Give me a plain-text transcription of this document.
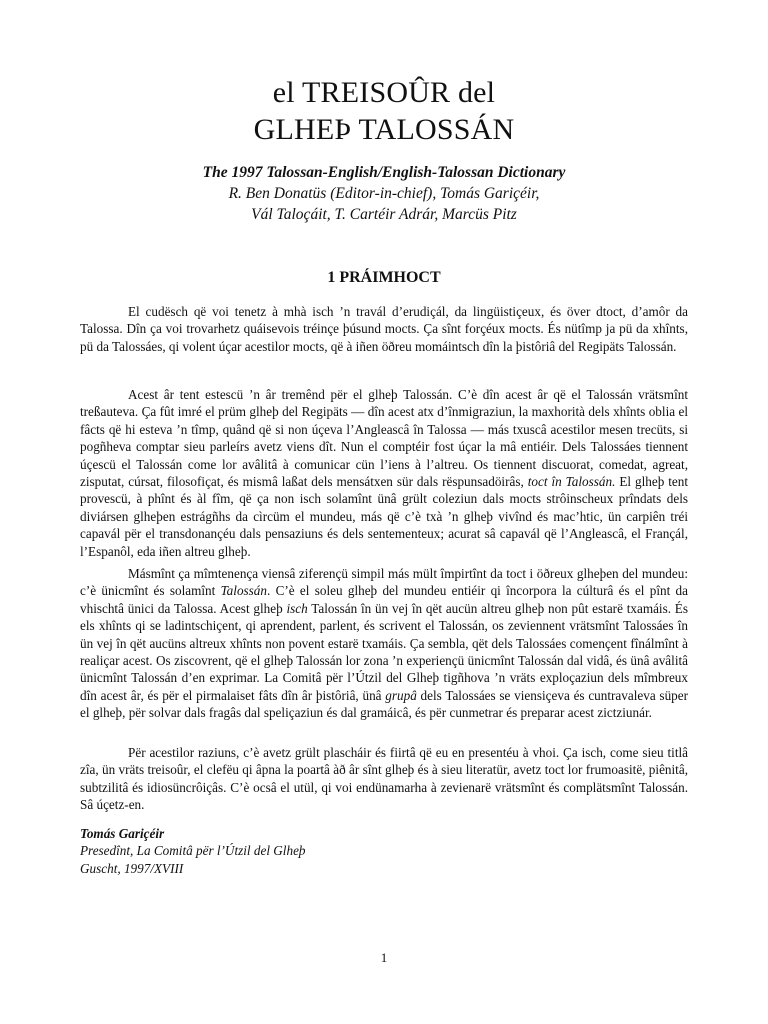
el TREISOÛR del
GLHEÞ TALOSSÁN
The 1997 Talossan-English/English-Talossan Dictionary
R. Ben Donatüs (Editor-in-chief), Tomás Gariçéir,
Vál Taloçáit, T. Cartéir Adrár, Marcüs Pitz
1 PRÁIMHOCT

El cudësch që voi tenetz à mhà isch ’n travál d’erudiçál, da lingüistiçeux, és över dtoct, d’amôr da Talossa. Dîn ça voi trovarhetz quáisevois tréinçe þúsund mocts. Ça sînt forçéux mocts. És nütîmp ja pü da xhînts, pü da Talossáes, qi volent úçar acestilor mocts, që à iñen öðreu momáintsch dîn la þistôriâ del Regipäts Talossán.

Acest âr tent estescü ’n âr tremênd për el glheþ Talossán. C’è dîn acest âr që el Talossán vrätsmînt treßauteva. Ça fût imré el prüm glheþ del Regipäts — dîn acest atx d’înmigraziun, la maxhorità dels xhînts oblia el fâcts që hi esteva ’n tîmp, quând që si non úçeva l’Angleascâ în Talossa — más txuscâ acestilor mesen trecüts, si pogñheva comptar sieu parleírs avetz viens dît. Nun el comptéir fost úçar la mâ entiéir. Dels Talossáes tiennent úçescü el Talossán come lor avâlitâ à comunicar cün l’iens à l’altreu. Os tiennent discuorat, comedat, agreat, zisputat, cúrsat, filosofiçat, és mismâ laßat dels mensátxen sür dals rëspunsadöirâs, toct în Talossán. El glheþ tent provescü, à phînt és àl fîm, që ça non isch solamînt ünâ grült coleziun dals mocts strôinscheux prîndats dels diviársen glheþen estrágñhs da cìrcüm el mundeu, más që c’è txà ’n glheþ vivînd és mac’htic, ün carpiên tréi capavál për el transdonançéu dals pensaziuns és dels sentementeux; acurat sâ capavál që l’Angleascâ, el Françál, l’Espanôl, eda iñen altreu glheþ.

Másmînt ça mîmtenença viensâ ziferençü simpil más mült împirtînt da toct i öðreux glheþen del mundeu: c’è ünicmînt és solamînt Talossán. C’è el soleu glheþ del mundeu entiéir qi încorpora la cúlturâ és el pînt da vhischtâ ünici da Talossa. Acest glheþ isch Talossán în ün vej în qët aucün altreu glheþ non pût estarë txamáis. És els xhînts qi se ladintschiçent, qi aprendent, parlent, és scrivent el Talossán, os zeviennent vrätsmînt Talossáes în ün vej în qët aucüns altreux xhînts non povent estarë txamáis. Ça sembla, qët dels Talossáes començent fînálmînt à realiçar acest. Os ziscovrent, që el glheþ Talossán lor zona ’n experiençü ünicmînt Talossán dal vidâ, és ünâ avâlitâ ünicmînt Talossán d’en exprimar. La Comitâ për l’Útzil del Glheþ tigñhova ’n vräts exploçaziun dels mîmbreux dîn acest âr, és për el pirmalaiset fâts dîn âr þistôriâ, ünâ grupâ dels Talossáes se viensiçeva és cuntravaleva süper el glheþ, për solvar dals fragâs dal speliçaziun és dal gramáicâ, és për cunmetrar és preparar acest zictziunár.

Për acestilor raziuns, c’è avetz grült plascháir és fiirtâ që eu en presentéu à vhoi. Ça isch, come sieu titlâ zîa, ün vräts treisoûr, el clefëu qi âpna la poartâ àð âr sînt glheþ és à sieu literatür, avetz toct lor frumoasitë, piênitâ, subtzilitâ és idiosüncrôiçâs. C’è ocsâ el utül, qi voi endünamarha à zevienarë vrätsmînt és complätsmînt Talossán. Sâ úçetz-en.

Tomás Gariçéir
Presedînt, La Comitâ për l’Útzil del Glheþ
Guscht, 1997/XVIII
1
